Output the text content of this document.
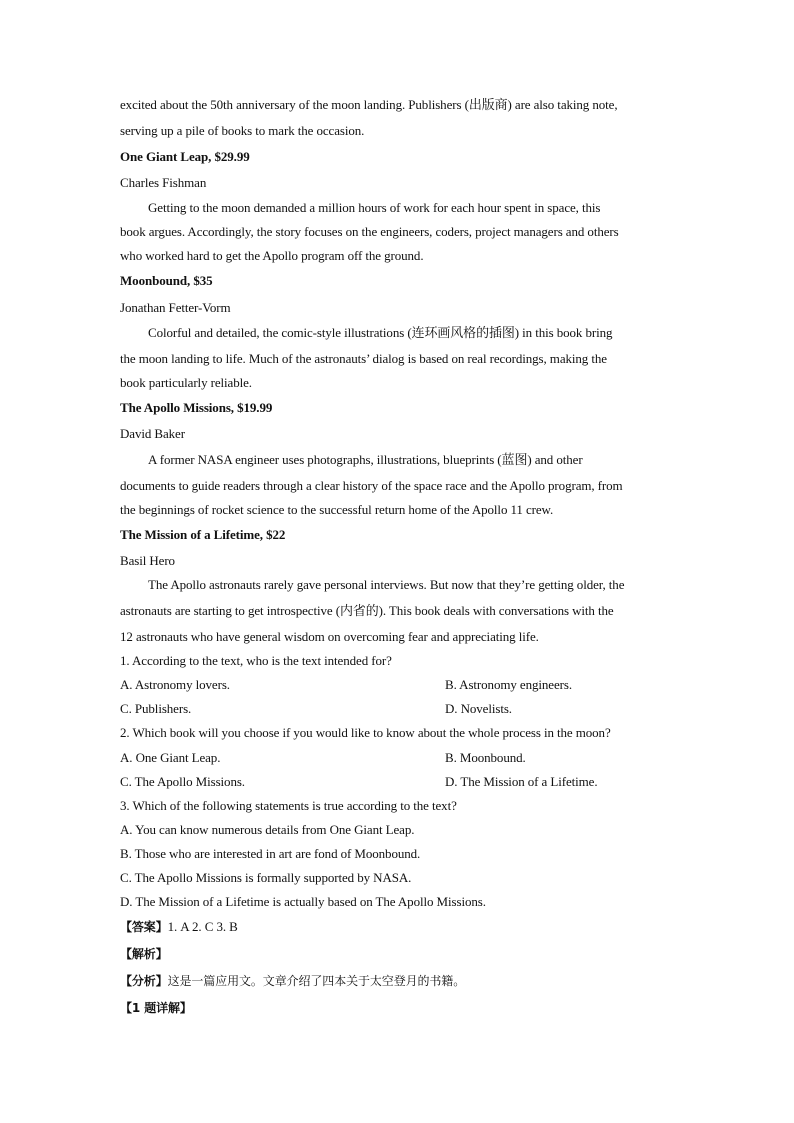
excited about the 50th anniversary of the moon landing. Publishers (出版商) are also taking note,
serving up a pile of books to mark the occasion.
One Giant Leap, $29.99
Charles Fishman
Getting to the moon demanded a million hours of work for each hour spent in space, this
book argues. Accordingly, the story focuses on the engineers, coders, project managers and others
who worked hard to get the Apollo program off the ground.
Moonbound, $35
Jonathan Fetter-Vorm
Colorful and detailed, the comic-style illustrations (连环画风格的插图) in this book bring
the moon landing to life. Much of the astronauts’ dialog is based on real recordings, making the
book particularly reliable.
The Apollo Missions, $19.99
David Baker
A former NASA engineer uses photographs, illustrations, blueprints (蓝图) and other
documents to guide readers through a clear history of the space race and the Apollo program, from
the beginnings of rocket science to the successful return home of the Apollo 11 crew.
The Mission of a Lifetime, $22
Basil Hero
The Apollo astronauts rarely gave personal interviews. But now that they’re getting older, the
astronauts are starting to get introspective (内省的). This book deals with conversations with the
12 astronauts who have general wisdom on overcoming fear and appreciating life.
1. According to the text, who is the text intended for?
A. Astronomy lovers.	B. Astronomy engineers.
C. Publishers.	D. Novelists.
2. Which book will you choose if you would like to know about the whole process in the moon?
A. One Giant Leap.	B. Moonbound.
C. The Apollo Missions.	D. The Mission of a Lifetime.
3. Which of the following statements is true according to the text?
A. You can know numerous details from One Giant Leap.
B. Those who are interested in art are fond of Moonbound.
C. The Apollo Missions is formally supported by NASA.
D. The Mission of a Lifetime is actually based on The Apollo Missions.
【答案】1. A 2. C 3. B
【解析】
【分析】这是一篇应用文。文章介绍了四本关于太空登月的书籍。
【1 题详解】
